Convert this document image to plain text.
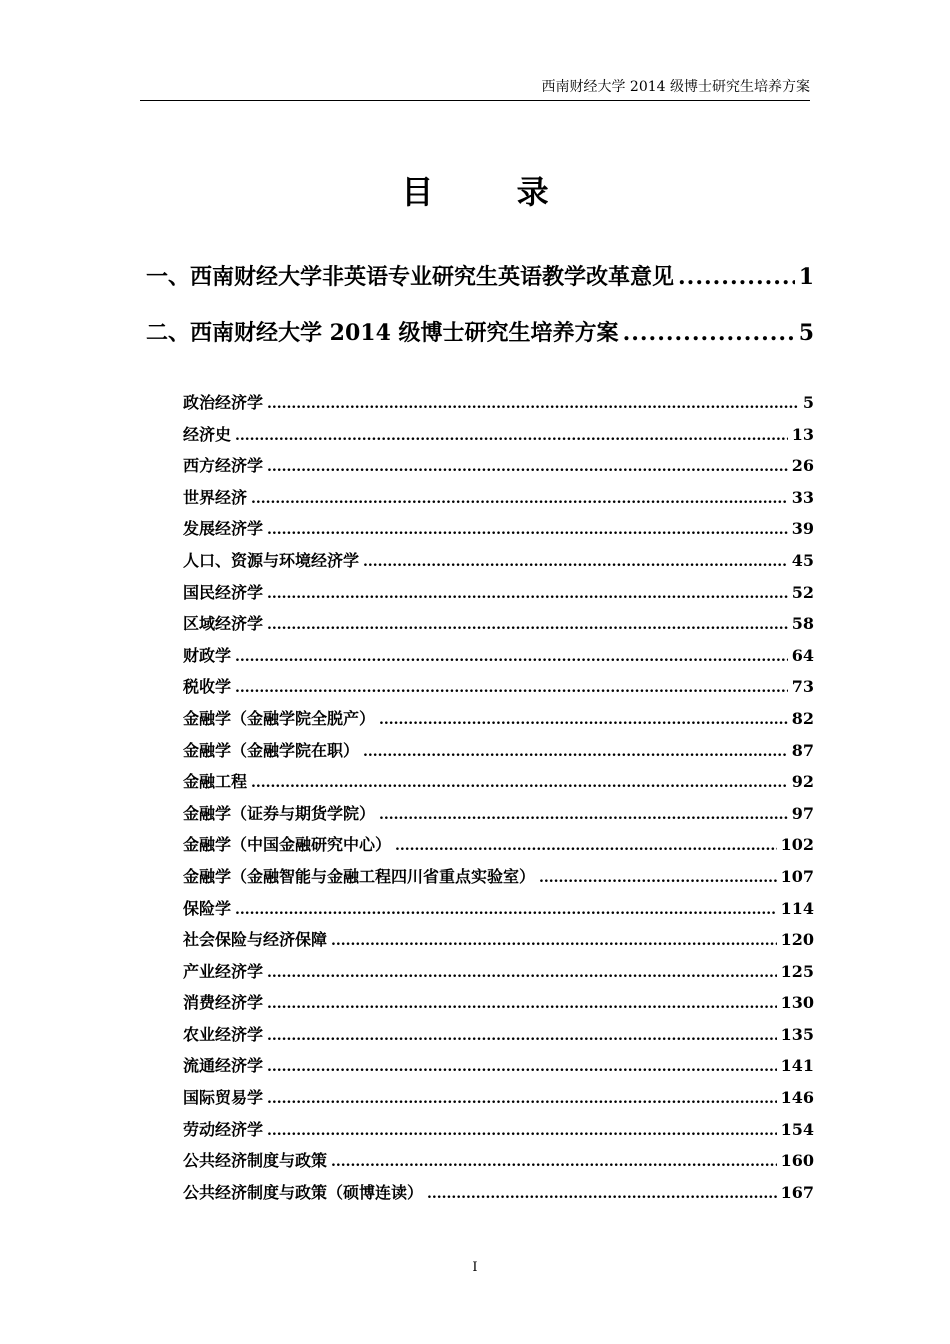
西南财经大学 2014 级博士研究生培养方案
目 录
一、西南财经大学非英语专业研究生英语教学改革意见 .....	1
二、西南财经大学 2014 级博士研究生培养方案 .....	5
政治经济学 .....	5
经济史 .....	13
西方经济学 .....	26
世界经济 .....	33
发展经济学 .....	39
人口、资源与环境经济学 .....	45
国民经济学 .....	52
区域经济学 .....	58
财政学 .....	64
税收学 .....	73
金融学（金融学院全脱产） .....	82
金融学（金融学院在职） .....	87
金融工程 .....	92
金融学（证券与期货学院） .....	97
金融学（中国金融研究中心） .....	102
金融学（金融智能与金融工程四川省重点实验室） .....	107
保险学 .....	114
社会保险与经济保障 .....	120
产业经济学 .....	125
消费经济学 .....	130
农业经济学 .....	135
流通经济学 .....	141
国际贸易学 .....	146
劳动经济学 .....	154
公共经济制度与政策 .....	160
公共经济制度与政策（硕博连读） .....	167
I
